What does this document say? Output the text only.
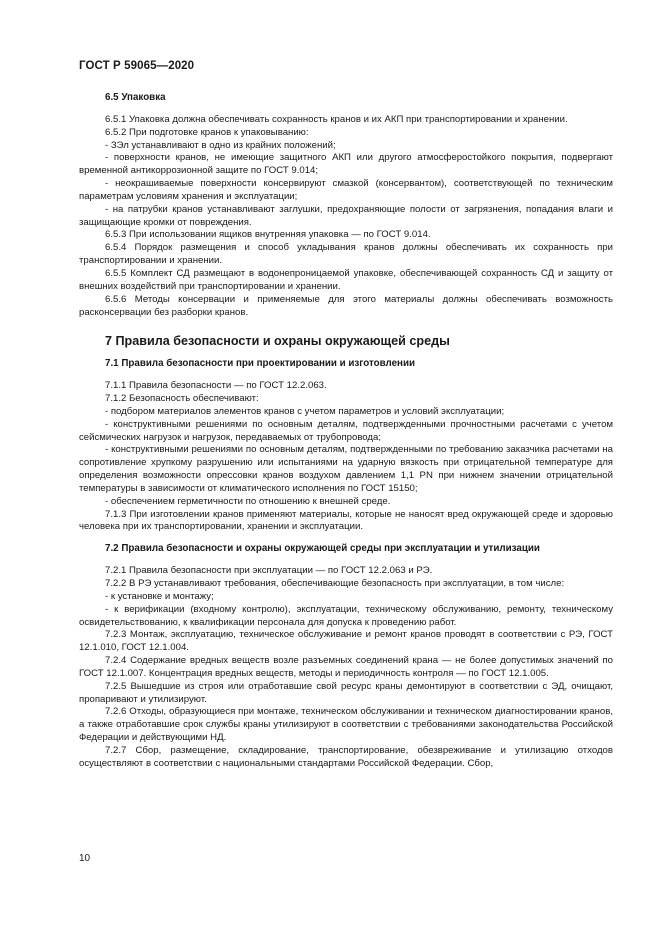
ГОСТ Р 59065—2020
6.5 Упаковка

6.5.1 Упаковка должна обеспечивать сохранность кранов и их АКП при транспортировании и хранении.

6.5.2 При подготовке кранов к упаковыванию:

- ЗЭл устанавливают в одно из крайних положений;

- поверхности кранов, не имеющие защитного АКП или другого атмосферостойкого покрытия, подвергают временной антикоррозионной защите по ГОСТ 9.014;

- неокрашиваемые поверхности консервируют смазкой (консервантом), соответствующей по техническим параметрам условиям хранения и эксплуатации;

- на патрубки кранов устанавливают заглушки, предохраняющие полости от загрязнения, попадания влаги и защищающие кромки от повреждения.

6.5.3 При использовании ящиков внутренняя упаковка — по ГОСТ 9.014.

6.5.4 Порядок размещения и способ укладывания кранов должны обеспечивать их сохранность при транспортировании и хранении.

6.5.5 Комплект СД размещают в водонепроницаемой упаковке, обеспечивающей сохранность СД и защиту от внешних воздействий при транспортировании и хранении.

6.5.6 Методы консервации и применяемые для этого материалы должны обеспечивать возможность расконсервации без разборки кранов.

7 Правила безопасности и охраны окружающей среды
7.1 Правила безопасности при проектировании и изготовлении

7.1.1 Правила безопасности — по ГОСТ 12.2.063.

7.1.2 Безопасность обеспечивают:

- подбором материалов элементов кранов с учетом параметров и условий эксплуатации;

- конструктивными решениями по основным деталям, подтвержденными прочностными расчетами с учетом сейсмических нагрузок и нагрузок, передаваемых от трубопровода;

- конструктивными решениями по основным деталям, подтвержденными по требованию заказчика расчетами на сопротивление хрупкому разрушению или испытаниями на ударную вязкость при отрицательной температуре для определения возможности опрессовки кранов воздухом давлением 1,1 PN при нижнем значении отрицательной температуры в зависимости от климатического исполнения по ГОСТ 15150;

- обеспечением герметичности по отношению к внешней среде.

7.1.3 При изготовлении кранов применяют материалы, которые не наносят вред окружающей среде и здоровью человека при их транспортировании, хранении и эксплуатации.

7.2 Правила безопасности и охраны окружающей среды при эксплуатации и утилизации

7.2.1 Правила безопасности при эксплуатации — по ГОСТ 12.2.063 и РЭ.

7.2.2 В РЭ устанавливают требования, обеспечивающие безопасность при эксплуатации, в том числе:

- к установке и монтажу;

- к верификации (входному контролю), эксплуатации, техническому обслуживанию, ремонту, техническому освидетельствованию, к квалификации персонала для допуска к проведению работ.

7.2.3 Монтаж, эксплуатацию, техническое обслуживание и ремонт кранов проводят в соответствии с РЭ, ГОСТ 12.1.010, ГОСТ 12.1.004.

7.2.4 Содержание вредных веществ возле разъемных соединений крана — не более допустимых значений по ГОСТ 12.1.007. Концентрация вредных веществ, методы и периодичность контроля — по ГОСТ 12.1.005.

7.2.5 Вышедшие из строя или отработавшие свой ресурс краны демонтируют в соответствии с ЭД, очищают, пропаривают и утилизируют.

7.2.6 Отходы, образующиеся при монтаже, техническом обслуживании и техническом диагностировании кранов, а также отработавшие срок службы краны утилизируют в соответствии с требованиями законодательства Российской Федерации и действующими НД.

7.2.7 Сбор, размещение, складирование, транспортирование, обезвреживание и утилизацию отходов осуществляют в соответствии с национальными стандартами Российской Федерации. Сбор,

10
